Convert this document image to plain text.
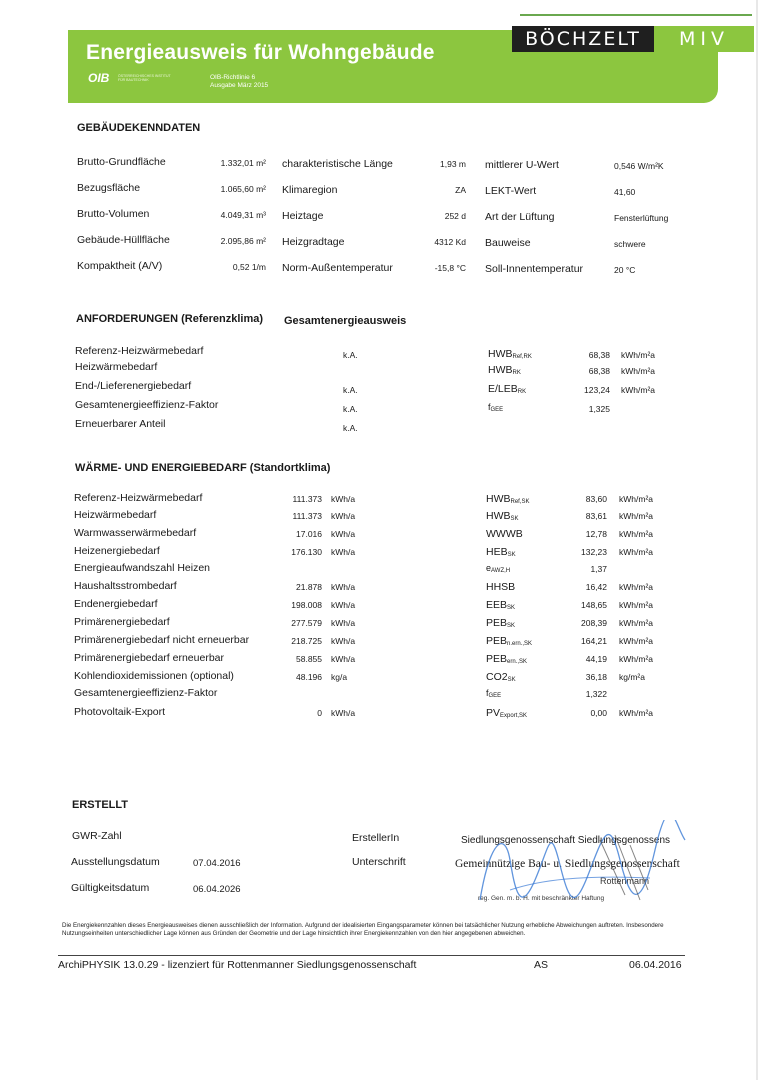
Energieausweis für Wohngebäude
OIB ÖSTERREICHISCHES INSTITUT FÜR BAUTECHNIK	OIB-Richtlinie 6
Ausgabe März 2015
BÖCHZELT	MIV
GEBÄUDEKENNDATEN
Brutto-Grundfläche	1.332,01 m² charakteristische Länge	1,93 m mittlerer U-Wert	0,546 W/m²K
Bezugsfläche	1.065,60 m² Klimaregion	ZA LEKT-Wert	41,60
Brutto-Volumen	4.049,31 m³ Heiztage	252 d Art der Lüftung	Fensterlüftung
Gebäude-Hüllfläche	2.095,86 m² Heizgradtage	4312 Kd Bauweise	schwere
Kompaktheit (A/V)	0,52 1/m Norm-Außentemperatur	-15,8 °C Soll-Innentemperatur	20 °C
ANFORDERUNGEN (Referenzklima) Gesamtenergieausweis
Referenz-Heizwärmebedarf	k.A.	HWBRef,RK	68,38 kWh/m²a
Heizwärmebedarf	HWBRK	68,38 kWh/m²a
End-/Lieferenergiebedarf	k.A.	E/LEBRK	123,24 kWh/m²a
Gesamtenergieeffizienz-Faktor	k.A.	fGEE	1,325
Erneuerbarer Anteil	k.A.
WÄRME- UND ENERGIEBEDARF (Standortklima)
Referenz-Heizwärmebedarf	111.373 kWh/a	HWBRef,SK	83,60 kWh/m²a
Heizwärmebedarf	111.373 kWh/a	HWBSK	83,61 kWh/m²a
Warmwasserwärmebedarf	17.016 kWh/a	WWWB	12,78 kWh/m²a
Heizenergiebedarf	176.130 kWh/a	HEBSK	132,23 kWh/m²a
Energieaufwandszahl Heizen	eAWZ,H	1,37
Haushaltsstrombedarf	21.878 kWh/a	HHSB	16,42 kWh/m²a
Endenergiebedarf	198.008 kWh/a	EEBSK	148,65 kWh/m²a
Primärenergiebedarf	277.579 kWh/a	PEBSK	208,39 kWh/m²a
Primärenergiebedarf nicht erneuerbar	218.725 kWh/a	PEBn.ern.,SK	164,21 kWh/m²a
Primärenergiebedarf erneuerbar	58.855 kWh/a	PEBern.,SK	44,19 kWh/m²a
Kohlendioxidemissionen (optional)	48.196 kg/a	CO2SK	36,18 kg/m²a
Gesamtenergieeffizienz-Faktor	fGEE	1,322
Photovoltaik-Export	0 kWh/a	PVExport,SK	0,00 kWh/m²a
ERSTELLT
GWR-Zahl
Ausstellungsdatum	07.04.2016
Gültigkeitsdatum	06.04.2026
ErstellerIn	Siedlungsgenossenschaft Siedlungsgenossens
Unterschrift	Gemeinnützige Bau- u. Siedlungsgenossenschaft
Rottenmann
reg. Gen. m. b. H. mit beschränkter Haftung
Die Energiekennzahlen dieses Energieausweises dienen ausschließlich der Information. Aufgrund der idealisierten Eingangsparameter können bei tatsächlicher Nutzung erhebliche Abweichungen auftreten. Insbesondere Nutzungseinheiten unterschiedlicher Lage können aus Gründen der Geometrie und der Lage hinsichtlich ihrer Energiekennzahlen von den hier angegebenen abweichen.
ArchiPHYSIK 13.0.29 - lizenziert für Rottenmanner Siedlungsgenossenschaft	AS	06.04.2016
